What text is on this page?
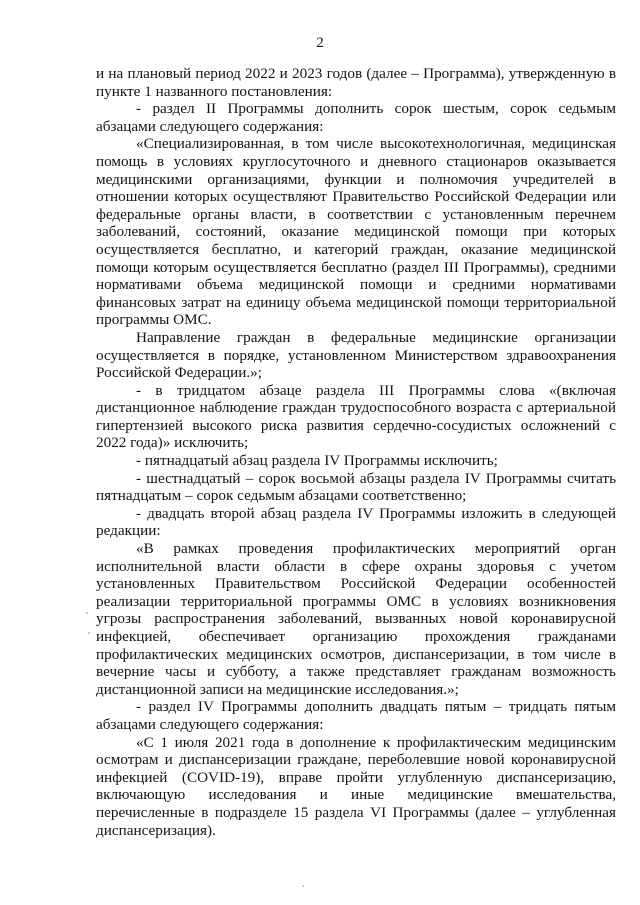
2

и на плановый период 2022 и 2023 годов (далее – Программа), утвержденную в пункте 1 названного постановления:

- раздел II Программы дополнить сорок шестым, сорок седьмым абзацами следующего содержания:

«Специализированная, в том числе высокотехнологичная, медицинская помощь в условиях круглосуточного и дневного стационаров оказывается медицинскими организациями, функции и полномочия учредителей в отношении которых осуществляют Правительство Российской Федерации или федеральные органы власти, в соответствии с установленным перечнем заболеваний, состояний, оказание медицинской помощи при которых осуществляется бесплатно, и категорий граждан, оказание медицинской помощи которым осуществляется бесплатно (раздел III Программы), средними нормативами объема медицинской помощи и средними нормативами финансовых затрат на единицу объема медицинской помощи территориальной программы ОМС.

Направление граждан в федеральные медицинские организации осуществляется в порядке, установленном Министерством здравоохранения Российской Федерации.»;

- в тридцатом абзаце раздела III Программы слова «(включая дистанционное наблюдение граждан трудоспособного возраста с артериальной гипертензией высокого риска развития сердечно-сосудистых осложнений с 2022 года)» исключить;

- пятнадцатый абзац раздела IV Программы исключить;

- шестнадцатый – сорок восьмой абзацы раздела IV Программы считать пятнадцатым – сорок седьмым абзацами соответственно;

- двадцать второй абзац раздела IV Программы изложить в следующей редакции:

«В рамках проведения профилактических мероприятий орган исполнительной власти области в сфере охраны здоровья с учетом установленных Правительством Российской Федерации особенностей реализации территориальной программы ОМС в условиях возникновения угрозы распространения заболеваний, вызванных новой коронавирусной инфекцией, обеспечивает организацию прохождения гражданами профилактических медицинских осмотров, диспансеризации, в том числе в вечерние часы и субботу, а также представляет гражданам возможность дистанционной записи на медицинские исследования.»;

- раздел IV Программы дополнить двадцать пятым – тридцать пятым абзацами следующего содержания:

«С 1 июля 2021 года в дополнение к профилактическим медицинским осмотрам и диспансеризации граждане, переболевшие новой коронавирусной инфекцией (COVID-19), вправе пройти углубленную диспансеризацию, включающую исследования и иные медицинские вмешательства, перечисленные в подразделе 15 раздела VI Программы (далее – углубленная диспансеризация).
